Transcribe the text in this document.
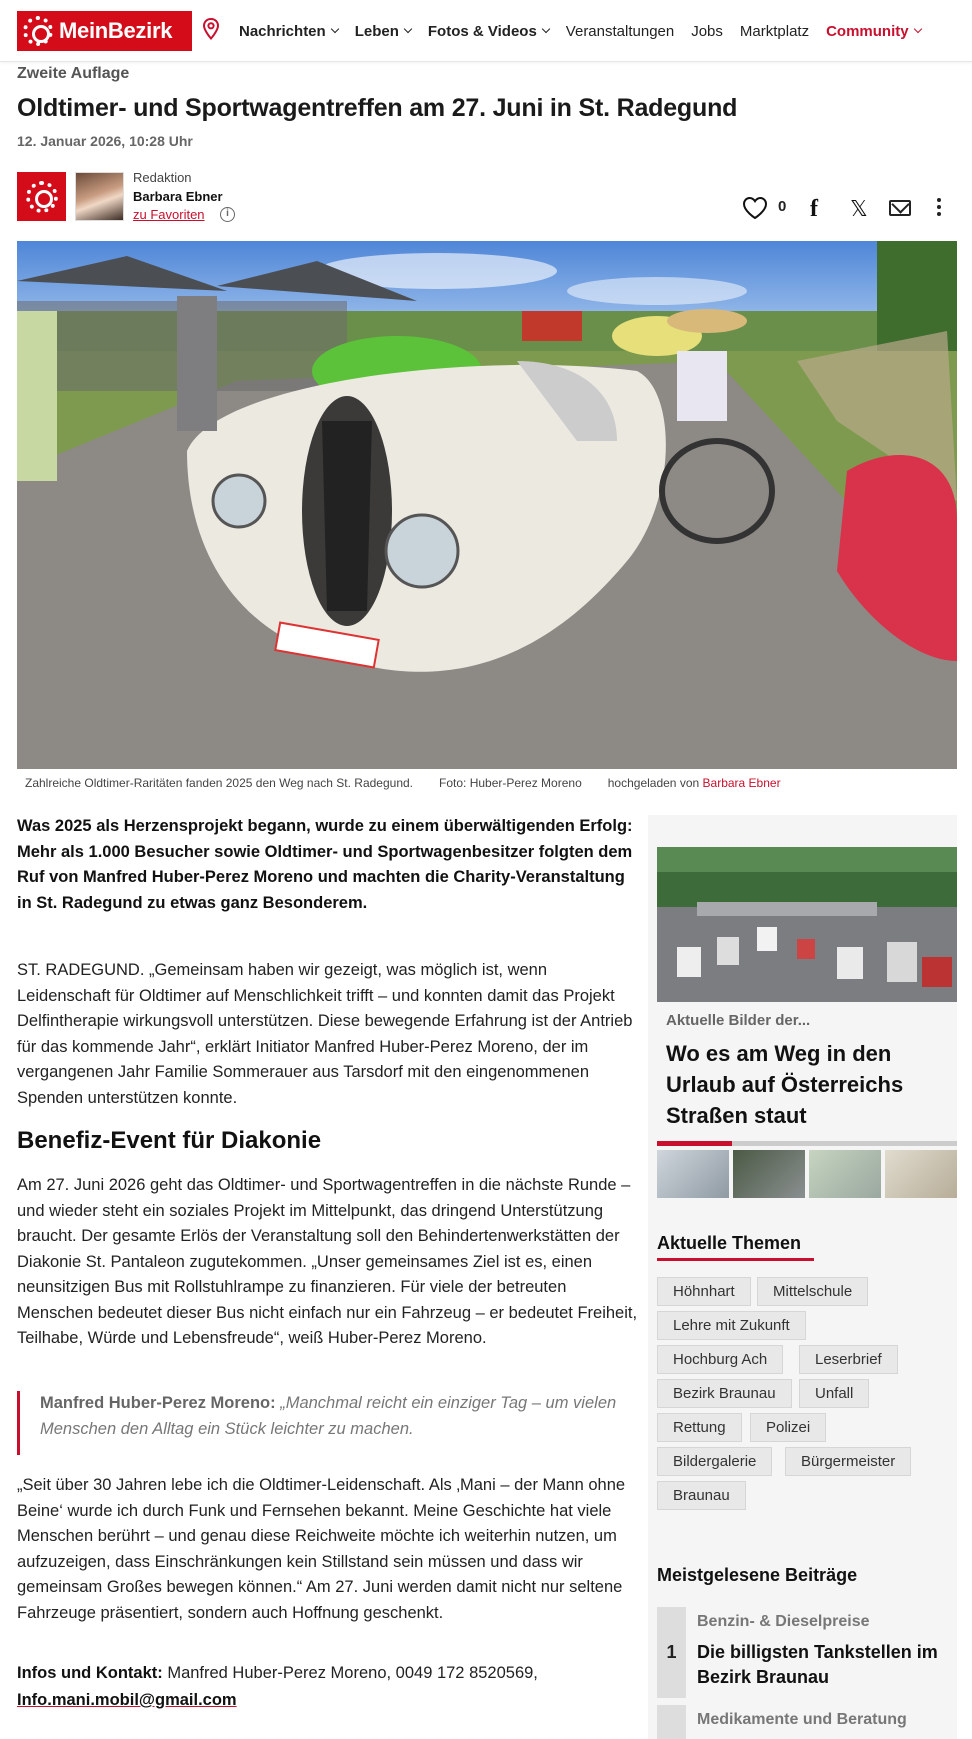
MeinBezirk	Nachrichten Leben Fotos & Videos Veranstaltungen Jobs Marktplatz Community
Zweite Auflage
Oldtimer- und Sportwagentreffen am 27. Juni in St. Radegund
12. Januar 2026, 10:28 Uhr
Redaktion
Barbara Ebner
zu Favoriten	i	0 f 𝕏
Zahlreiche Oldtimer-Raritäten fanden 2025 den Weg nach St. Radegund. Foto: Huber-Perez Moreno hochgeladen von Barbara Ebner

Was 2025 als Herzensprojekt begann, wurde zu einem überwältigenden Erfolg: Mehr als 1.000 Besucher sowie Oldtimer- und Sportwagenbesitzer folgten dem Ruf von Manfred Huber-Perez Moreno und machten die Charity-Veranstaltung in St. Radegund zu etwas ganz Besonderem.

ST. RADEGUND. „Gemeinsam haben wir gezeigt, was möglich ist, wenn Leidenschaft für Oldtimer auf Menschlichkeit trifft – und konnten damit das Projekt Delfintherapie wirkungsvoll unterstützen. Diese bewegende Erfahrung ist der Antrieb für das kommende Jahr“, erklärt Initiator Manfred Huber-Perez Moreno, der im vergangenen Jahr Familie Sommerauer aus Tarsdorf mit den eingenommenen Spenden unterstützen konnte.

Benefiz-Event für Diakonie

Am 27. Juni 2026 geht das Oldtimer- und Sportwagentreffen in die nächste Runde – und wieder steht ein soziales Projekt im Mittelpunkt, das dringend Unterstützung braucht. Der gesamte Erlös der Veranstaltung soll den Behindertenwerkstätten der Diakonie St. Pantaleon zugutekommen. „Unser gemeinsames Ziel ist es, einen neunsitzigen Bus mit Rollstuhlrampe zu finanzieren. Für viele der betreuten Menschen bedeutet dieser Bus nicht einfach nur ein Fahrzeug – er bedeutet Freiheit, Teilhabe, Würde und Lebensfreude“, weiß Huber-Perez Moreno.

Manfred Huber-Perez Moreno: „Manchmal reicht ein einziger Tag – um vielen Menschen den Alltag ein Stück leichter zu machen.

„Seit über 30 Jahren lebe ich die Oldtimer-Leidenschaft. Als ‚Mani – der Mann ohne Beine‘ wurde ich durch Funk und Fernsehen bekannt. Meine Geschichte hat viele Menschen berührt – und genau diese Reichweite möchte ich weiterhin nutzen, um aufzuzeigen, dass Einschränkungen kein Stillstand sein müssen und dass wir gemeinsam Großes bewegen können.“ Am 27. Juni werden damit nicht nur seltene Fahrzeuge präsentiert, sondern auch Hoffnung geschenkt.

Infos und Kontakt: Manfred Huber-Perez Moreno, 0049 172 8520569,
Info.mani.mobil@gmail.com

Aktuelle Bilder der...
Wo es am Weg in den Urlaub auf Österreichs Straßen staut
Aktuelle Themen
Höhnhart	Mittelschule
Lehre mit Zukunft
Hochburg Ach	Leserbrief
Bezirk Braunau	Unfall
Rettung	Polizei
Bildergalerie	Bürgermeister
Braunau
Meistgelesene Beiträge
1
Benzin- & Dieselpreise
Die billigsten Tankstellen im Bezirk Braunau
Medikamente und Beratung
